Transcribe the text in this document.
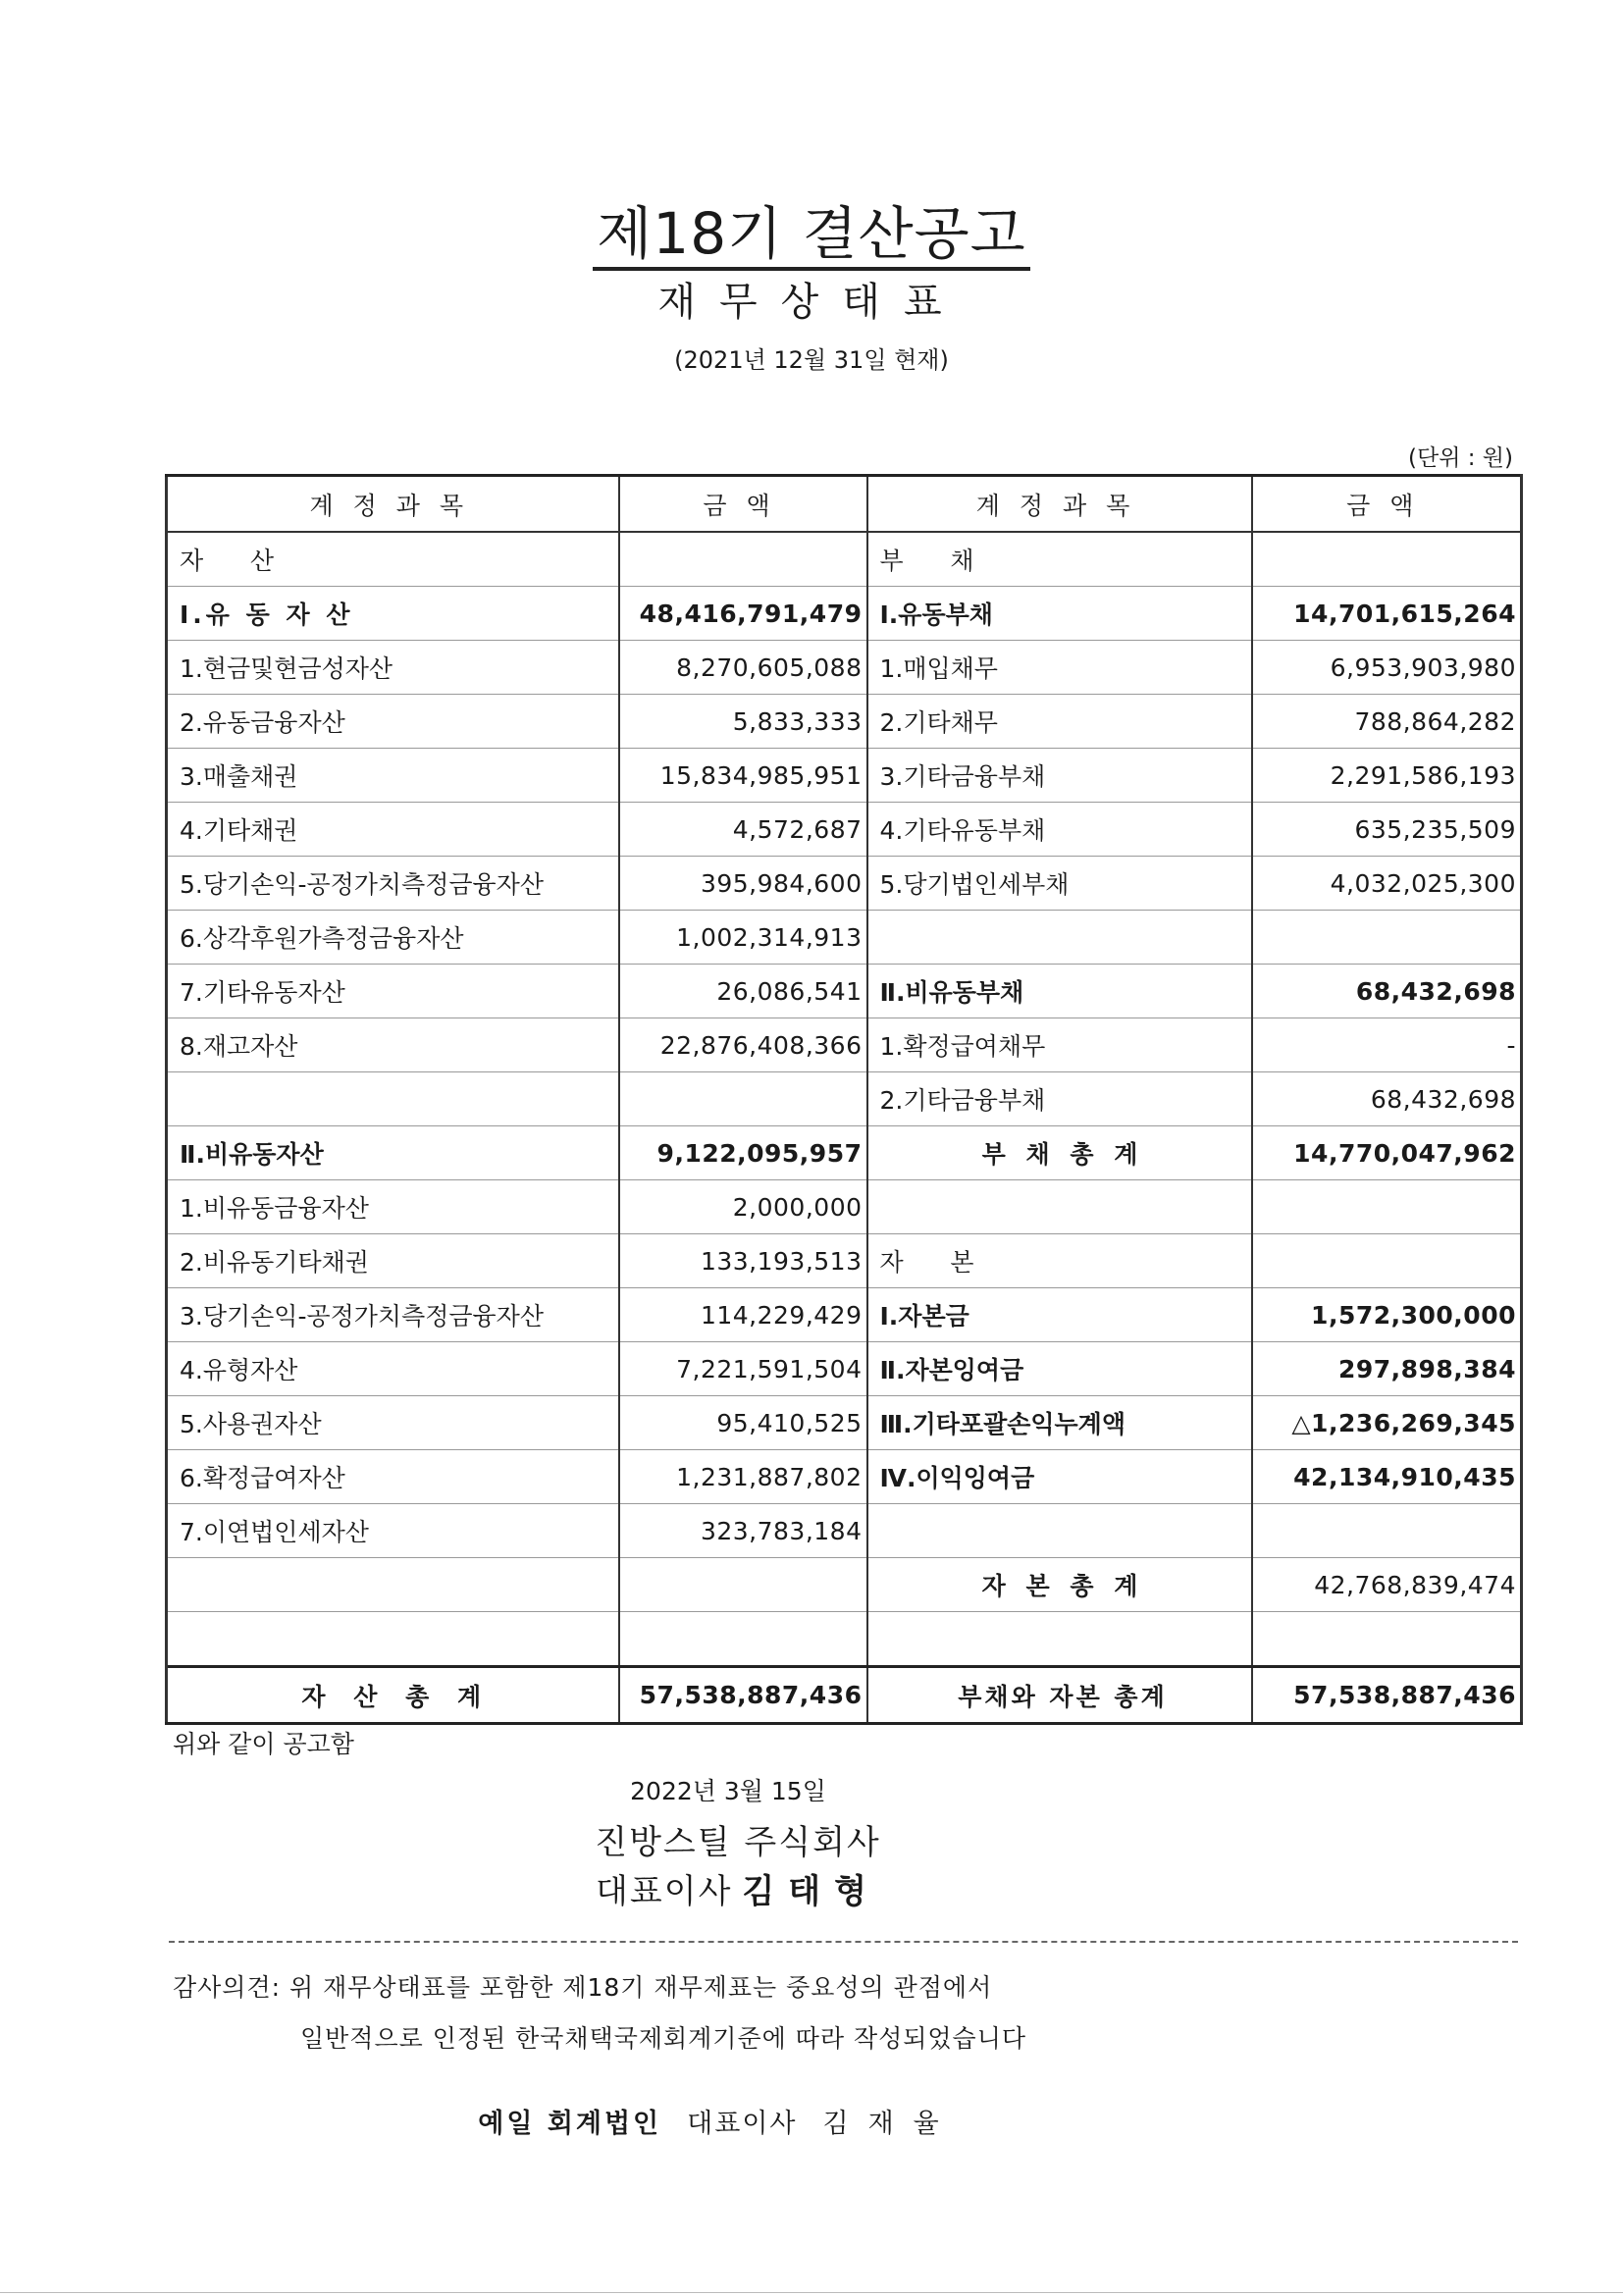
제18기 결산공고
재무상태표
(2021년 12월 31일 현재)
(단위 : 원)
계정과목	금액	계정과목	금액
자      산		부      채	
Ⅰ.유 동 자 산	48,416,791,479	Ⅰ.유동부채	14,701,615,264
1.현금및현금성자산	8,270,605,088	1.매입채무	6,953,903,980
2.유동금융자산	5,833,333	2.기타채무	788,864,282
3.매출채권	15,834,985,951	3.기타금융부채	2,291,586,193
4.기타채권	4,572,687	4.기타유동부채	635,235,509
5.당기손익-공정가치측정금융자산	395,984,600	5.당기법인세부채	4,032,025,300
6.상각후원가측정금융자산	1,002,314,913		
7.기타유동자산	26,086,541	Ⅱ.비유동부채	68,432,698
8.재고자산	22,876,408,366	1.확정급여채무	-
		2.기타금융부채	68,432,698
Ⅱ.비유동자산	9,122,095,957	부 채 총 계	14,770,047,962
1.비유동금융자산	2,000,000		
2.비유동기타채권	133,193,513	자      본	
3.당기손익-공정가치측정금융자산	114,229,429	Ⅰ.자본금	1,572,300,000
4.유형자산	7,221,591,504	Ⅱ.자본잉여금	297,898,384
5.사용권자산	95,410,525	Ⅲ.기타포괄손익누계액	△1,236,269,345
6.확정급여자산	1,231,887,802	Ⅳ.이익잉여금	42,134,910,435
7.이연법인세자산	323,783,184		
		자 본 총 계	42,768,839,474

자 산 총 계	57,538,887,436	부채와 자본 총계	57,538,887,436
위와 같이 공고함
2022년 3월 15일
진방스틸 주식회사
대표이사 김태형
감사의견: 위 재무상태표를 포함한 제18기 재무제표는 중요성의 관점에서
일반적으로 인정된 한국채택국제회계기준에 따라 작성되었습니다
예일 회계법인 대표이사 김재율
